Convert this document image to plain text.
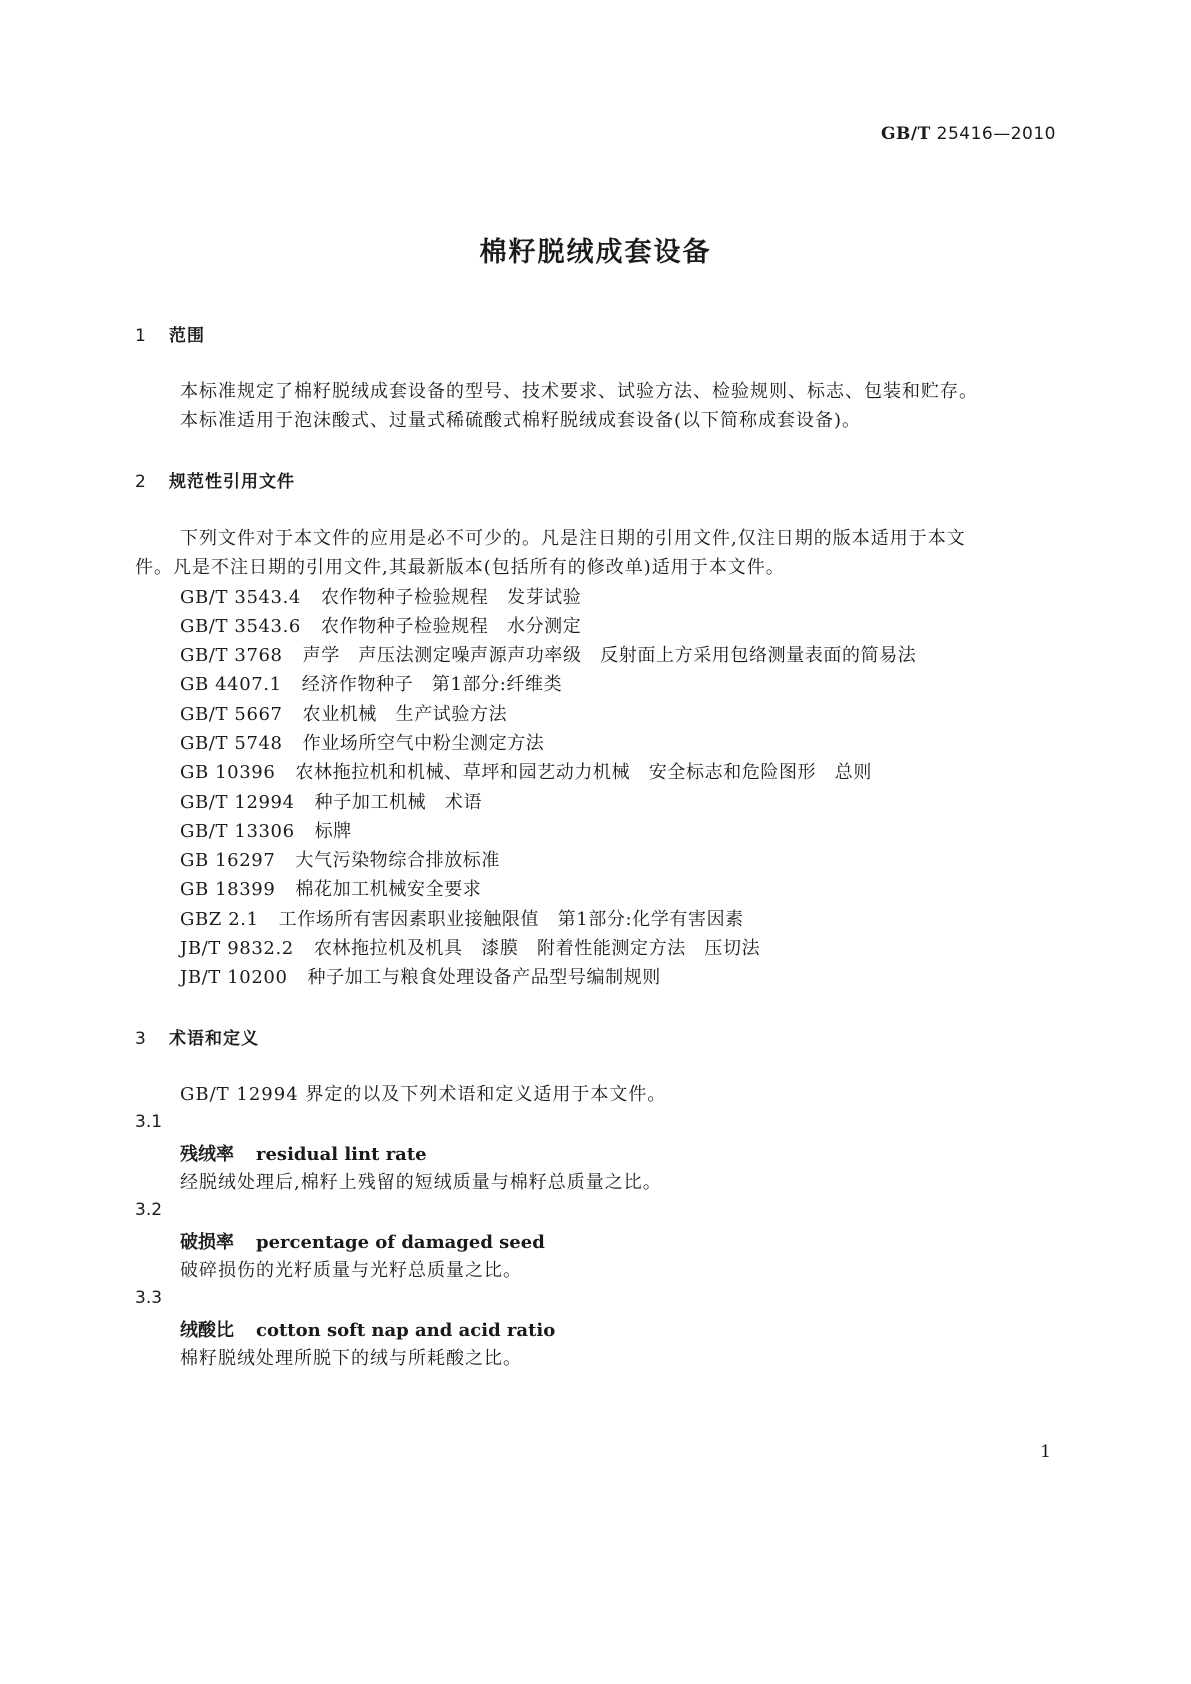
GB/T 25416—2010
棉籽脱绒成套设备
1 范围
本标准规定了棉籽脱绒成套设备的型号、技术要求、试验方法、检验规则、标志、包装和贮存。
本标准适用于泡沫酸式、过量式稀硫酸式棉籽脱绒成套设备(以下简称成套设备)。
2 规范性引用文件
下列文件对于本文件的应用是必不可少的。凡是注日期的引用文件,仅注日期的版本适用于本文
件。凡是不注日期的引用文件,其最新版本(包括所有的修改单)适用于本文件。
GB/T 3543.4 农作物种子检验规程　发芽试验
GB/T 3543.6 农作物种子检验规程　水分测定
GB/T 3768 声学　声压法测定噪声源声功率级　反射面上方采用包络测量表面的简易法
GB 4407.1 经济作物种子　第1部分:纤维类
GB/T 5667 农业机械　生产试验方法
GB/T 5748 作业场所空气中粉尘测定方法
GB 10396 农林拖拉机和机械、草坪和园艺动力机械　安全标志和危险图形　总则
GB/T 12994 种子加工机械　术语
GB/T 13306 标牌
GB 16297 大气污染物综合排放标准
GB 18399 棉花加工机械安全要求
GBZ 2.1 工作场所有害因素职业接触限值　第1部分:化学有害因素
JB/T 9832.2 农林拖拉机及机具　漆膜　附着性能测定方法　压切法
JB/T 10200 种子加工与粮食处理设备产品型号编制规则
3 术语和定义
GB/T 12994 界定的以及下列术语和定义适用于本文件。
3.1
残绒率 residual lint rate
经脱绒处理后,棉籽上残留的短绒质量与棉籽总质量之比。
3.2
破损率 percentage of damaged seed
破碎损伤的光籽质量与光籽总质量之比。
3.3
绒酸比 cotton soft nap and acid ratio
棉籽脱绒处理所脱下的绒与所耗酸之比。
1
